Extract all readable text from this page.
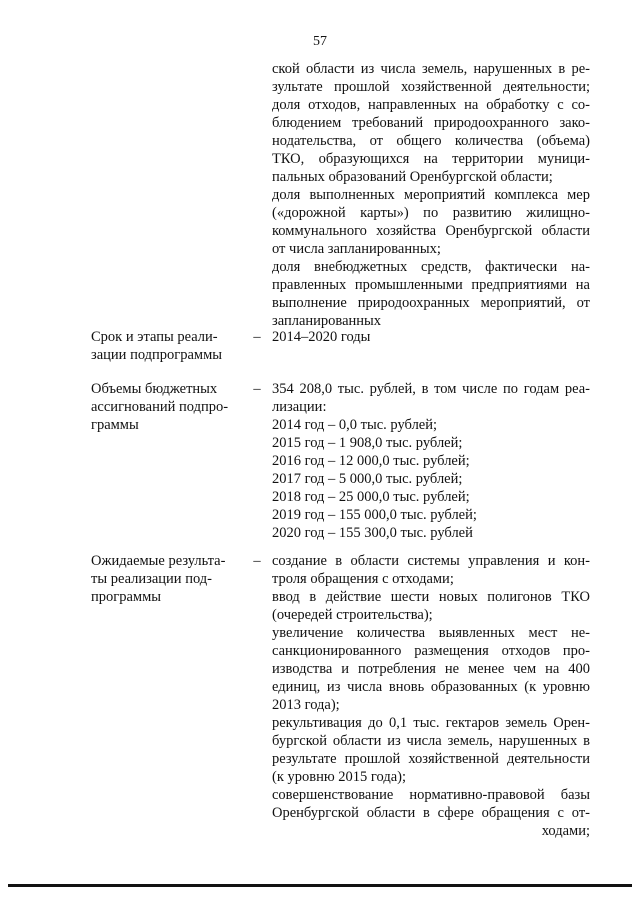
57
ской области из числа земель, нарушенных в ре-
зультате прошлой хозяйственной деятельности;
доля отходов, направленных на обработку с со-
блюдением требований природоохранного зако-
нодательства, от общего количества (объема)
ТКО, образующихся на территории муници-
пальных образований Оренбургской области;
доля выполненных мероприятий комплекса мер
(«дорожной карты») по развитию жилищно-
коммунального хозяйства Оренбургской области
от числа запланированных;
доля внебюджетных средств, фактически на-
правленных промышленными предприятиями на
выполнение природоохранных мероприятий, от
запланированных
Срок и этапы реали-
зации подпрограммы
– 2014–2020 годы
Объемы бюджетных
ассигнований подпро-
граммы
– 354 208,0 тыс. рублей, в том числе по годам реа-
лизации:
2014 год – 0,0 тыс. рублей;
2015 год – 1 908,0 тыс. рублей;
2016 год – 12 000,0 тыс. рублей;
2017 год – 5 000,0 тыс. рублей;
2018 год – 25 000,0 тыс. рублей;
2019 год – 155 000,0 тыс. рублей;
2020 год – 155 300,0 тыс. рублей
Ожидаемые результа-
ты реализации под-
программы
– создание в области системы управления и кон-
троля обращения с отходами;
ввод в действие шести новых полигонов ТКО
(очередей строительства);
увеличение количества выявленных мест не-
санкционированного размещения отходов про-
изводства и потребления не менее чем на 400
единиц, из числа вновь образованных (к уровню
2013 года);
рекультивация до 0,1 тыс. гектаров земель Орен-
бургской области из числа земель, нарушенных в
результате прошлой хозяйственной деятельности
(к уровню 2015 года);
совершенствование нормативно-правовой базы
Оренбургской области в сфере обращения с от-
ходами;
